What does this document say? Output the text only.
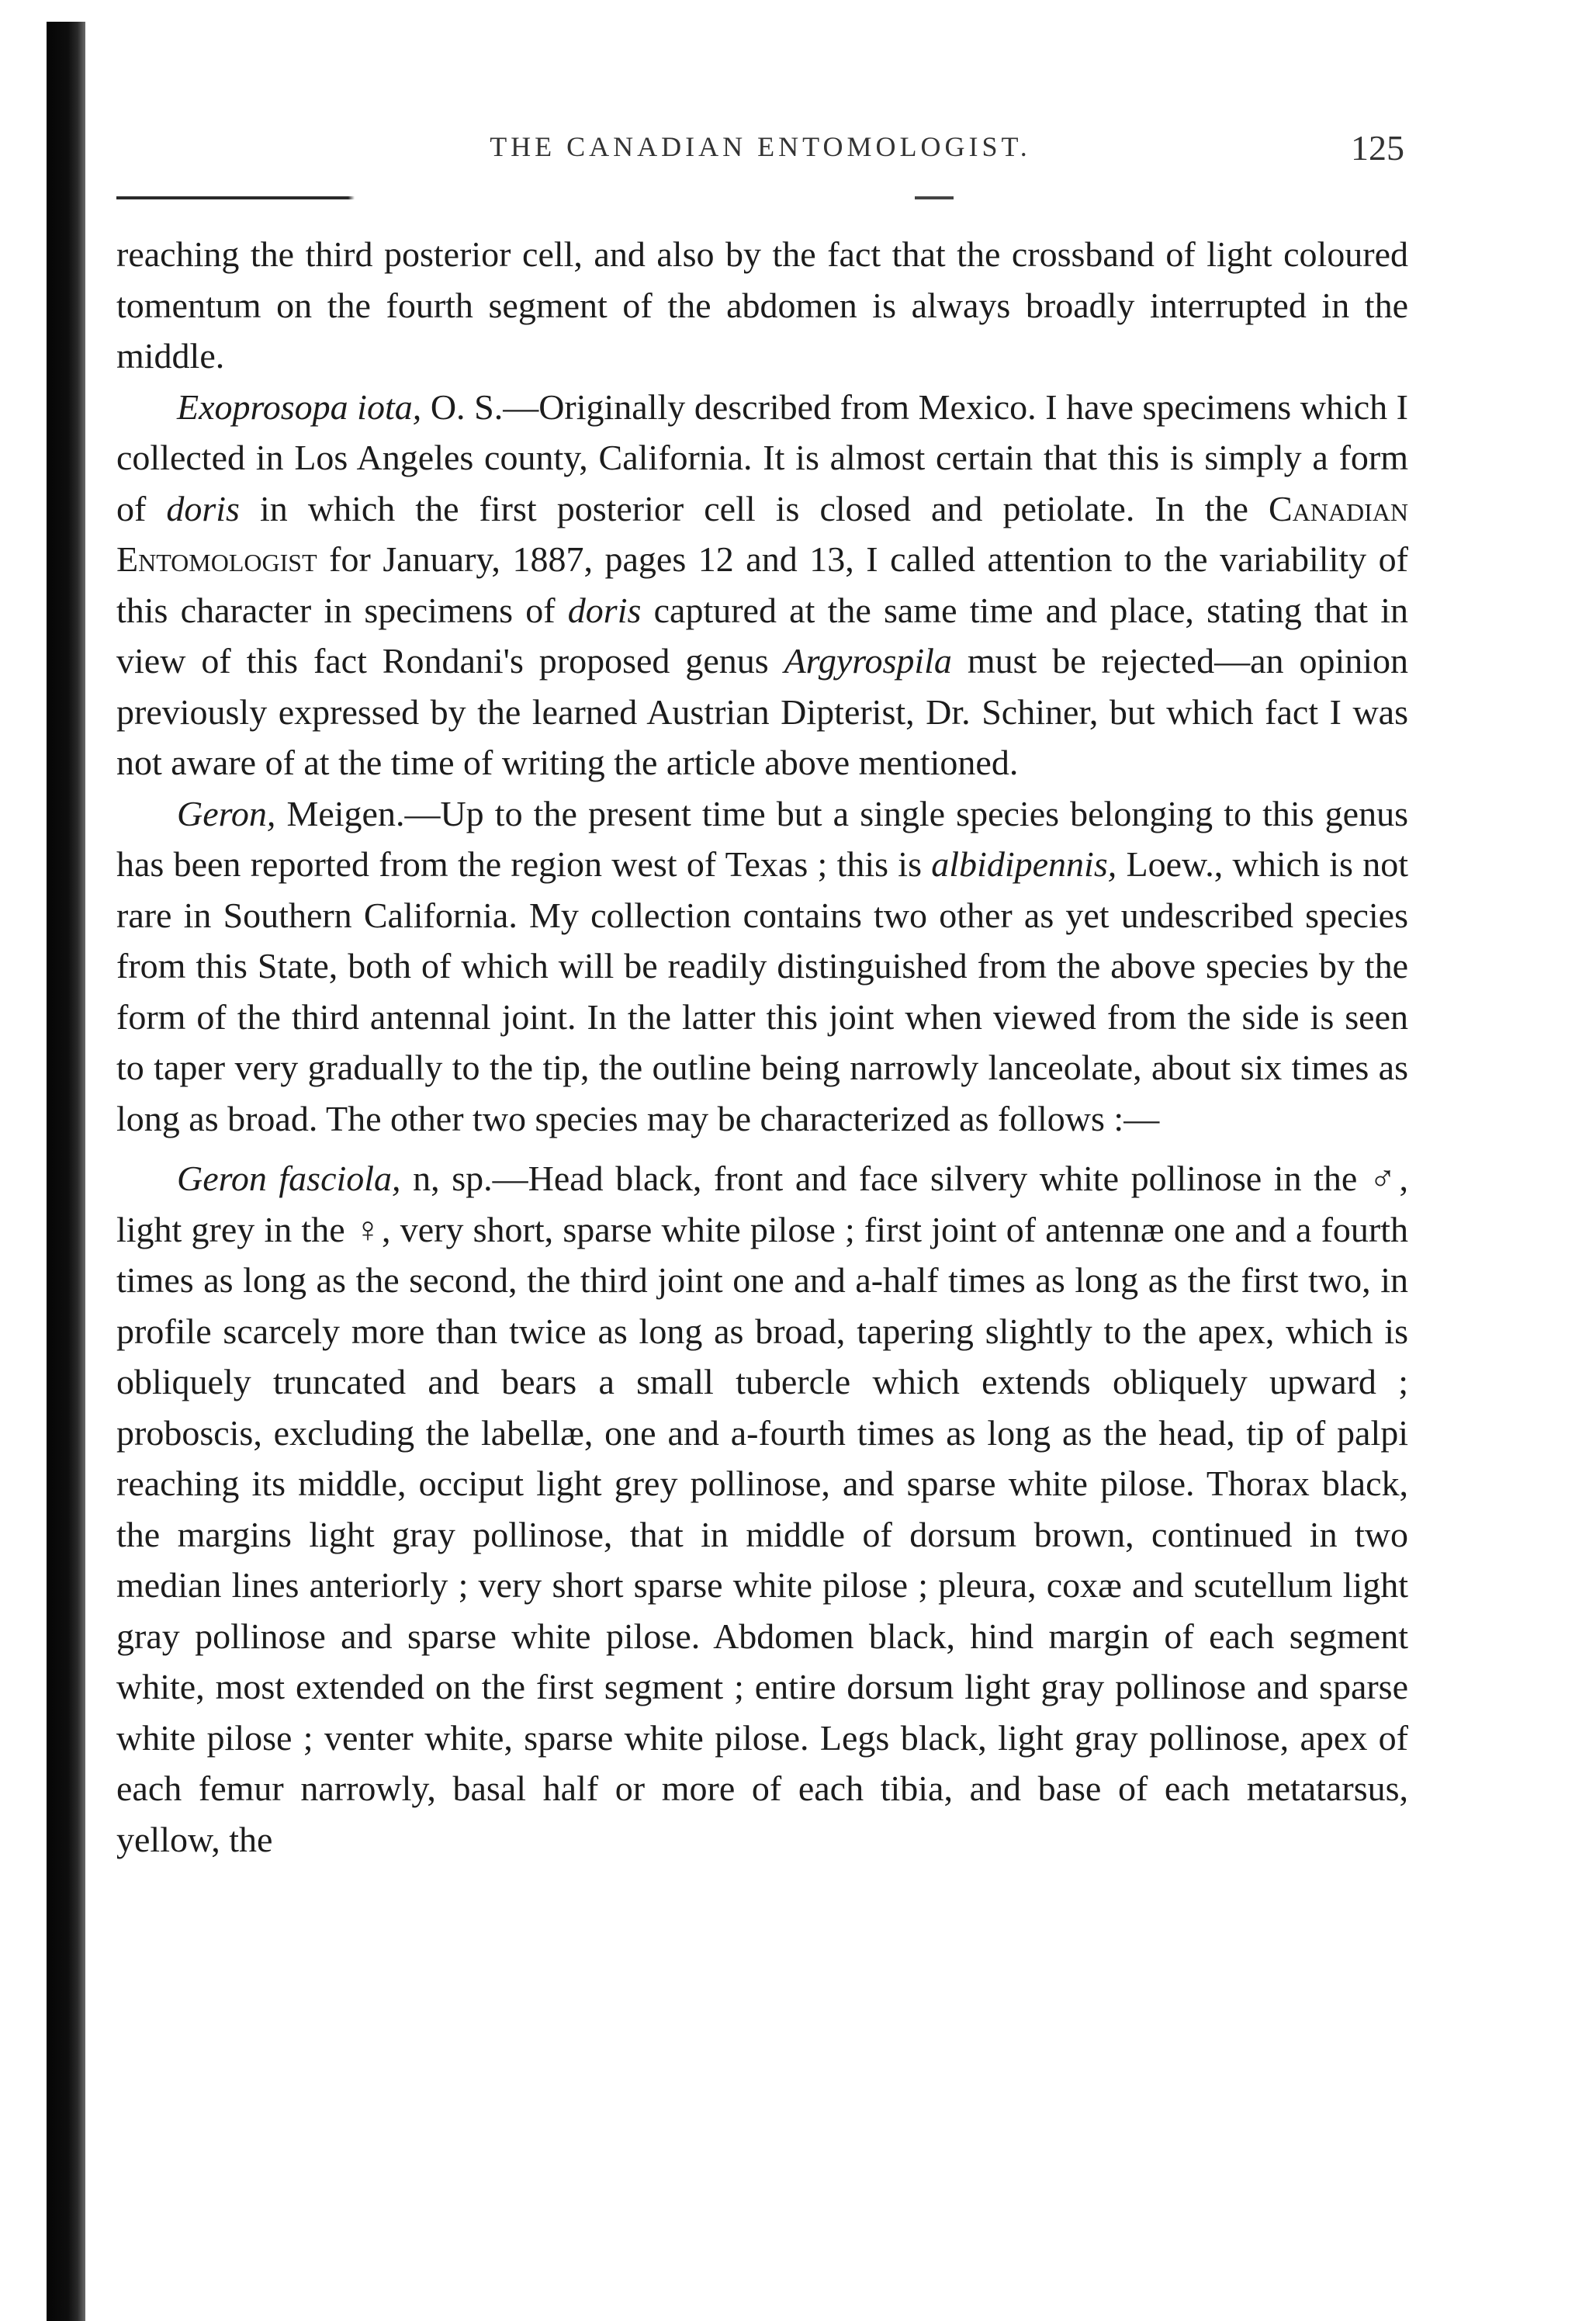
THE CANADIAN ENTOMOLOGIST.	125

reaching the third posterior cell, and also by the fact that the crossband of light coloured tomentum on the fourth segment of the abdomen is always broadly interrupted in the middle.

Exoprosopa iota, O. S.—Originally described from Mexico. I have specimens which I collected in Los Angeles county, California. It is almost certain that this is simply a form of doris in which the first posterior cell is closed and petiolate. In the Canadian Entomologist for January, 1887, pages 12 and 13, I called attention to the variability of this character in specimens of doris captured at the same time and place, stating that in view of this fact Rondani's proposed genus Argyrospila must be rejected—an opinion previously expressed by the learned Austrian Dipterist, Dr. Schiner, but which fact I was not aware of at the time of writing the article above mentioned.

Geron, Meigen.—Up to the present time but a single species belonging to this genus has been reported from the region west of Texas ; this is albidipennis, Loew., which is not rare in Southern California. My collection contains two other as yet undescribed species from this State, both of which will be readily distinguished from the above species by the form of the third antennal joint. In the latter this joint when viewed from the side is seen to taper very gradually to the tip, the outline being narrowly lanceolate, about six times as long as broad. The other two species may be characterized as follows :—

Geron fasciola, n, sp.—Head black, front and face silvery white pollinose in the ♂, light grey in the ♀, very short, sparse white pilose ; first joint of antennæ one and a fourth times as long as the second, the third joint one and a-half times as long as the first two, in profile scarcely more than twice as long as broad, tapering slightly to the apex, which is obliquely truncated and bears a small tubercle which extends obliquely upward ; proboscis, excluding the labellæ, one and a-fourth times as long as the head, tip of palpi reaching its middle, occiput light grey pollinose, and sparse white pilose. Thorax black, the margins light gray pollinose, that in middle of dorsum brown, continued in two median lines anteriorly ; very short sparse white pilose ; pleura, coxæ and scutellum light gray pollinose and sparse white pilose. Abdomen black, hind margin of each segment white, most extended on the first segment ; entire dorsum light gray pollinose and sparse white pilose ; venter white, sparse white pilose. Legs black, light gray pollinose, apex of each femur narrowly, basal half or more of each tibia, and base of each metatarsus, yellow, the
